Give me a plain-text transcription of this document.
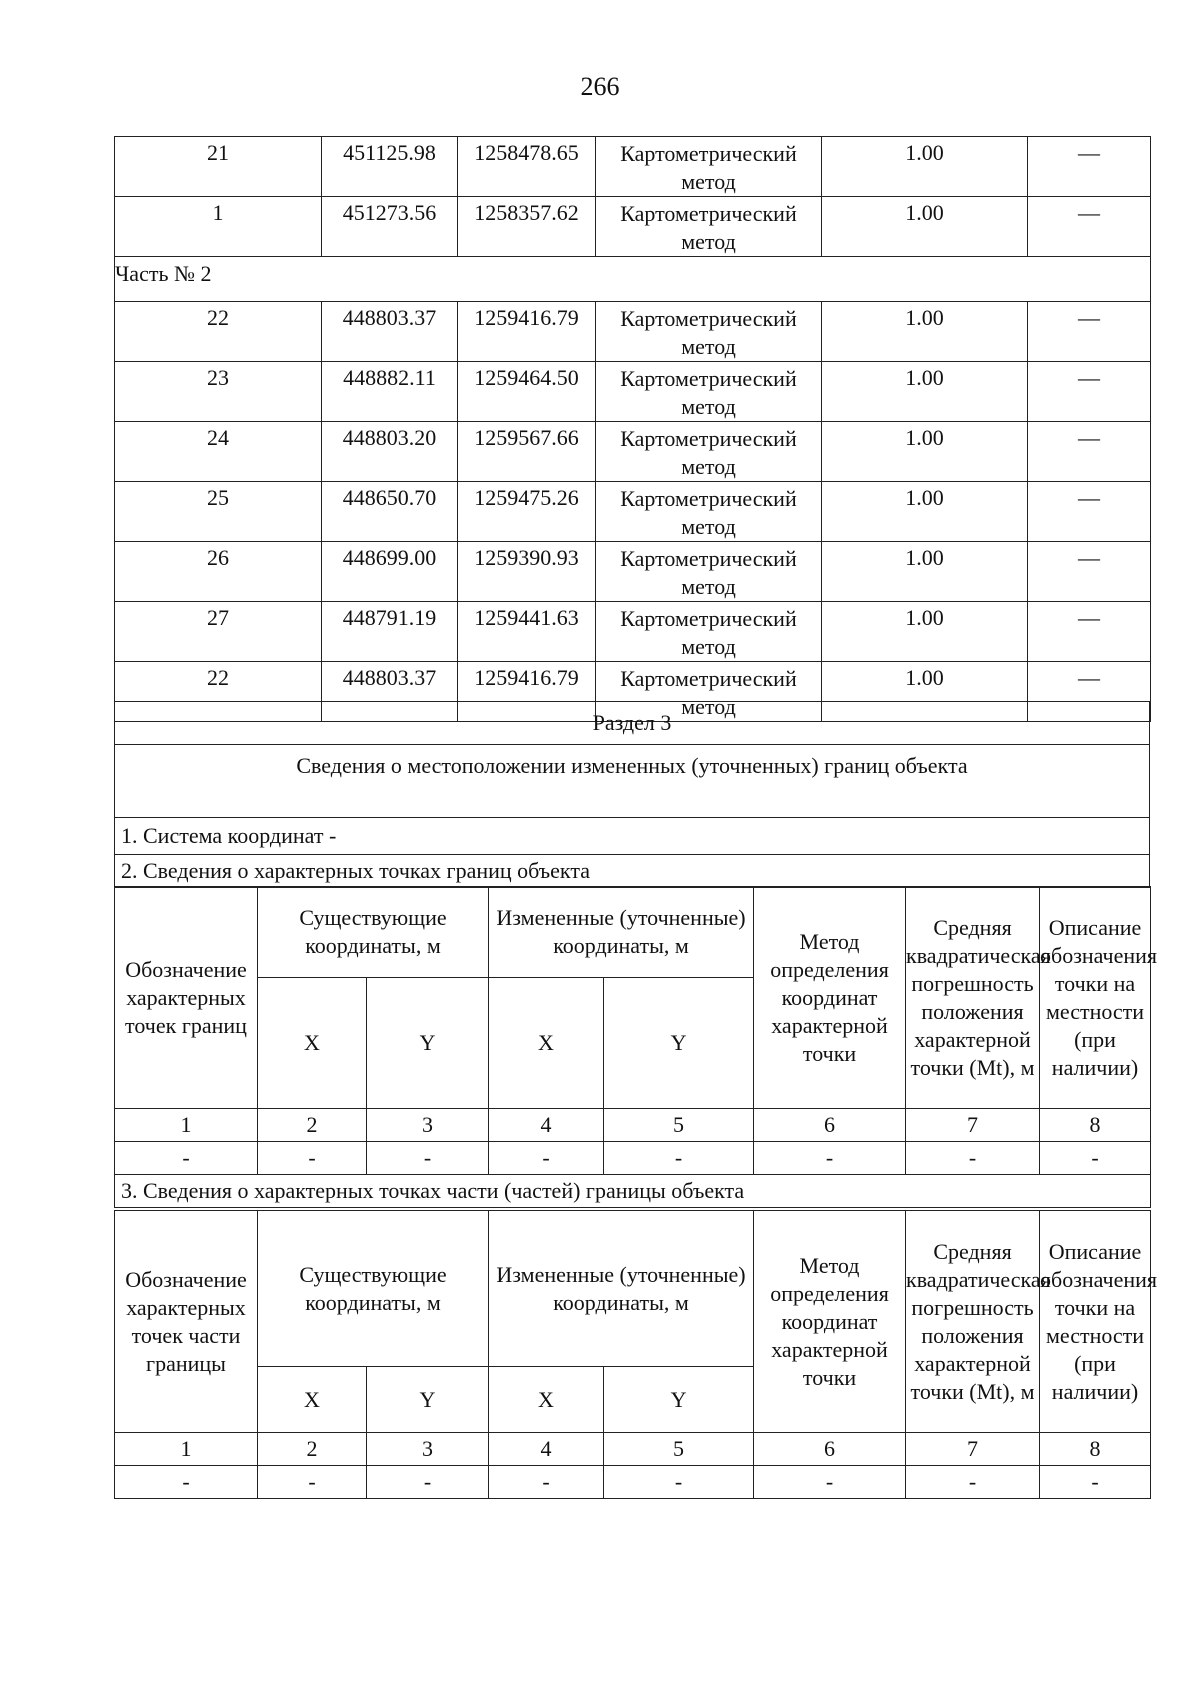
266
21	451125.98	1258478.65	Картометрический метод	1.00	—
1	451273.56	1258357.62	Картометрический метод	1.00	—
Часть № 2					
22	448803.37	1259416.79	Картометрический метод	1.00	—
23	448882.11	1259464.50	Картометрический метод	1.00	—
24	448803.20	1259567.66	Картометрический метод	1.00	—
25	448650.70	1259475.26	Картометрический метод	1.00	—
26	448699.00	1259390.93	Картометрический метод	1.00	—
27	448791.19	1259441.63	Картометрический метод	1.00	—
22	448803.37	1259416.79	Картометрический метод	1.00	—
Раздел 3
Сведения о местоположении измененных (уточненных) границ объекта
1. Система координат -
2. Сведения о характерных точках границ объекта
Обозначение характерных точек границ	Существующие координаты, м		Измененные (уточненные) координаты, м		Метод определения координат характерной точки	Средняя квадратическая погрешность положения характерной точки (Mt), м	Описание обозначения точки на местности (при наличии)
	X	Y	X	Y			
1	2	3	4	5	6	7	8
-	-	-	-	-	-	-	-
3. Сведения о характерных точках части (частей) границы объекта							
Обозначение характерных точек части границы	Существующие координаты, м		Измененные (уточненные) координаты, м		Метод определения координат характерной точки	Средняя квадратическая погрешность положения характерной точки (Mt), м	Описание обозначения точки на местности (при наличии)
	X	Y	X	Y			
1	2	3	4	5	6	7	8
-	-	-	-	-	-	-	-
